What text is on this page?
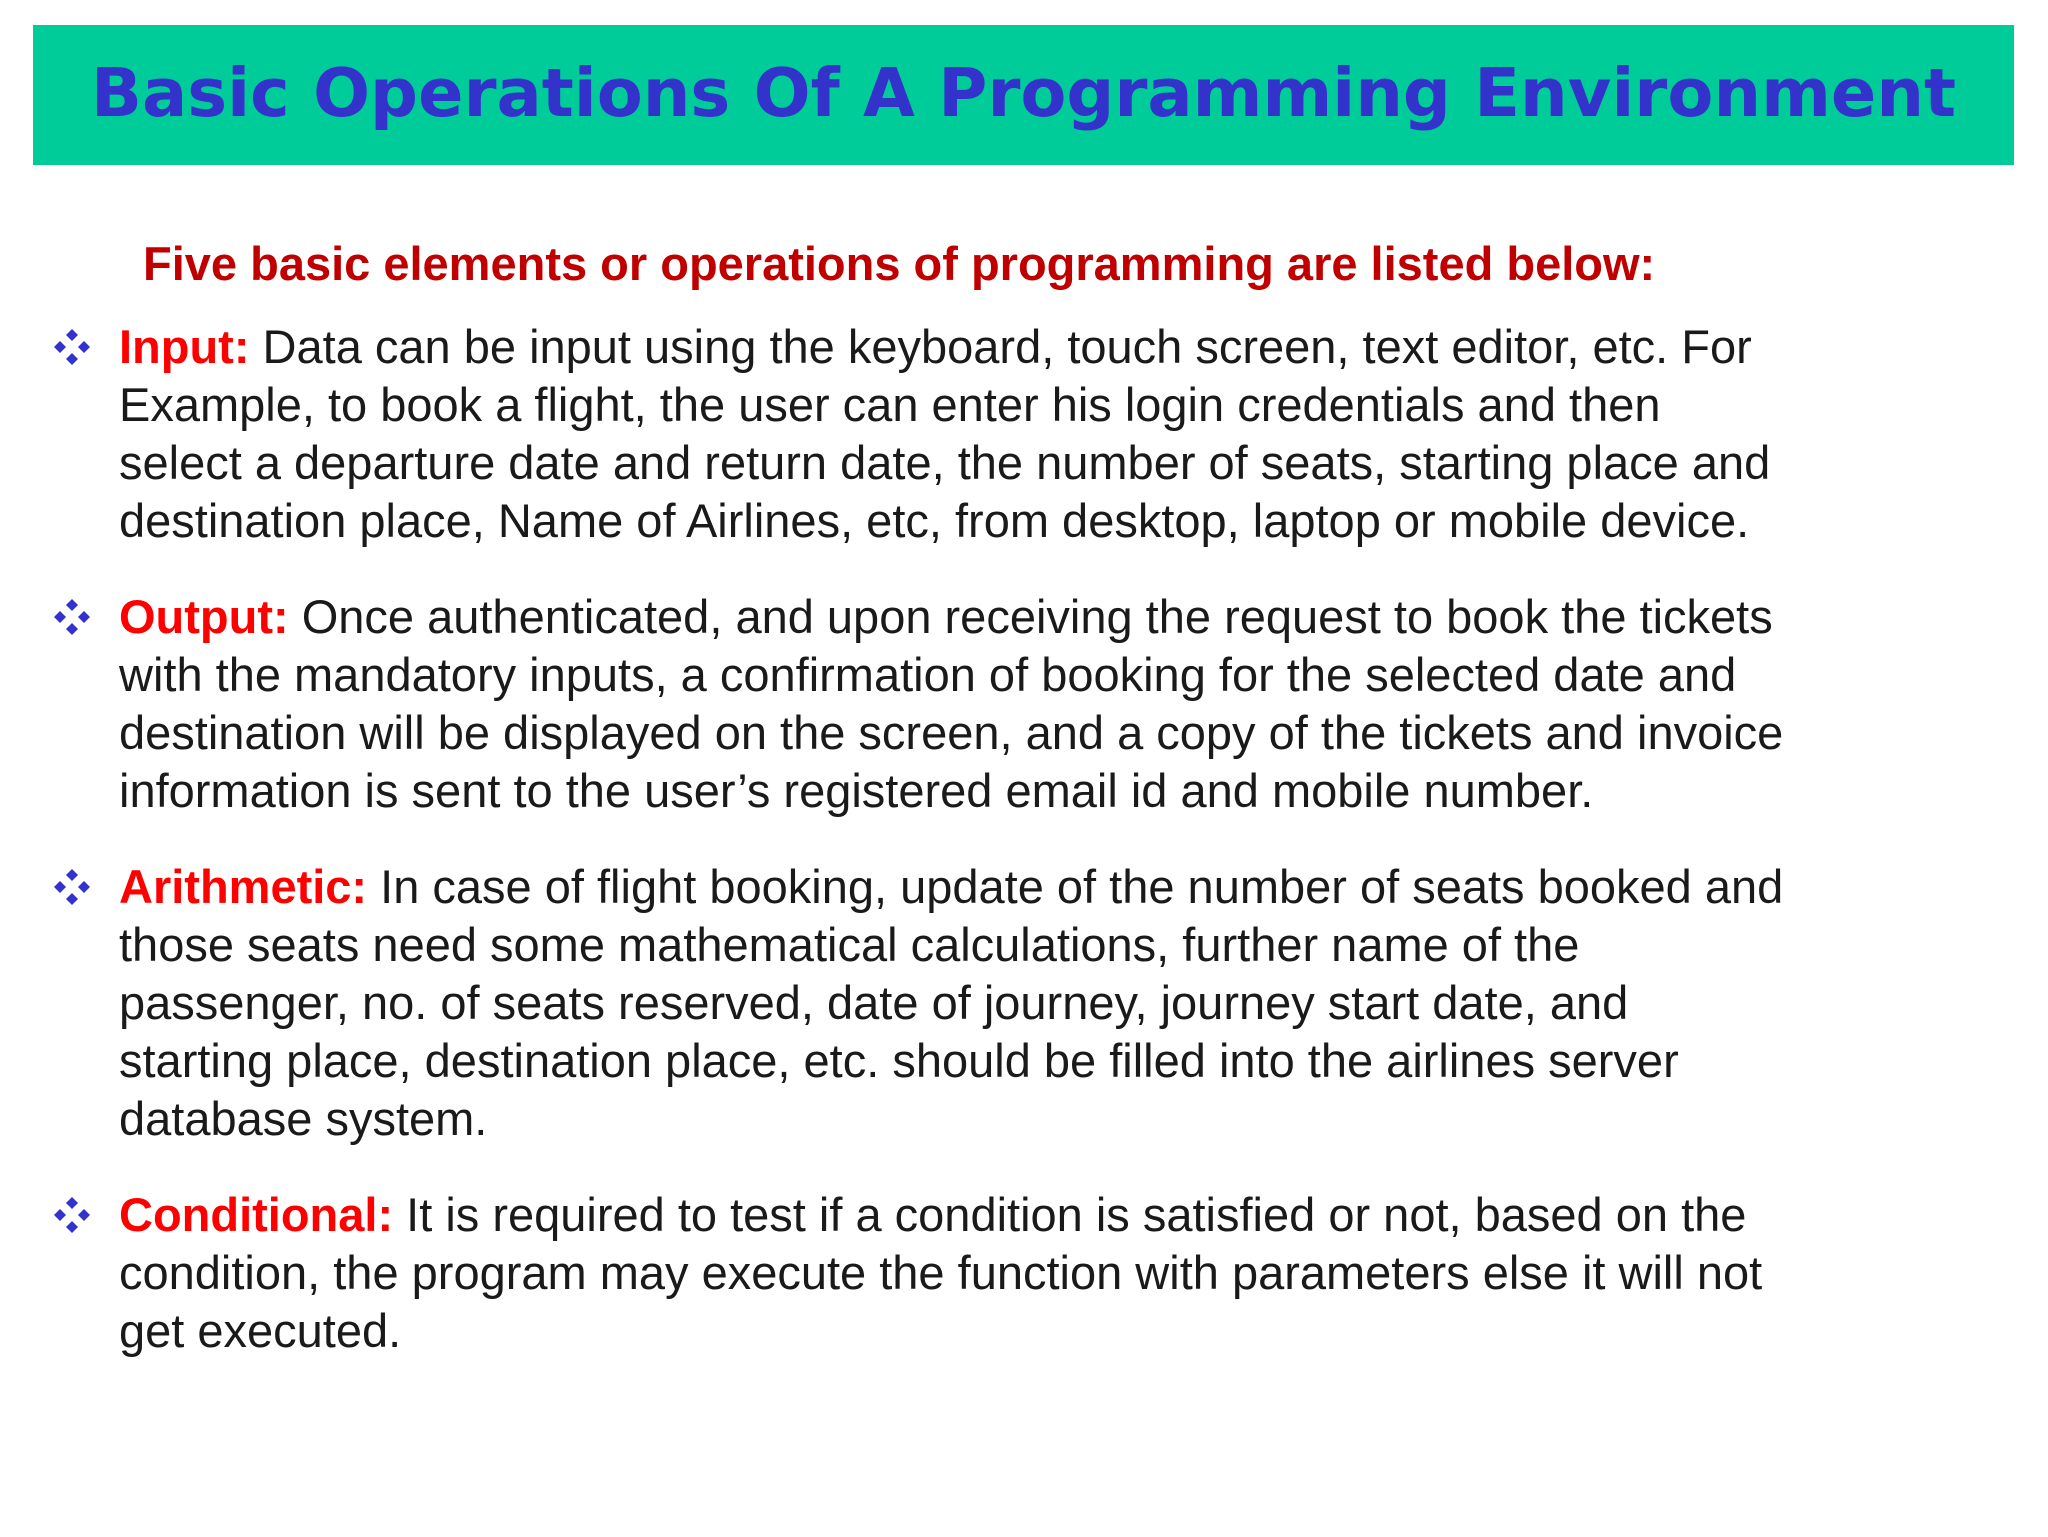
Basic Operations Of A Programming Environment
Five basic elements or operations of programming are listed below:
Input: Data can be input using the keyboard, touch screen, text editor, etc. For
Example, to book a flight, the user can enter his login credentials and then
select a departure date and return date, the number of seats, starting place and
destination place, Name of Airlines, etc, from desktop, laptop or mobile device.
Output: Once authenticated, and upon receiving the request to book the tickets
with the mandatory inputs, a confirmation of booking for the selected date and
destination will be displayed on the screen, and a copy of the tickets and invoice
information is sent to the user’s registered email id and mobile number.
Arithmetic: In case of flight booking, update of the number of seats booked and
those seats need some mathematical calculations, further name of the
passenger, no. of seats reserved, date of journey, journey start date, and
starting place, destination place, etc. should be filled into the airlines server
database system.
Conditional: It is required to test if a condition is satisfied or not, based on the
condition, the program may execute the function with parameters else it will not
get executed.
